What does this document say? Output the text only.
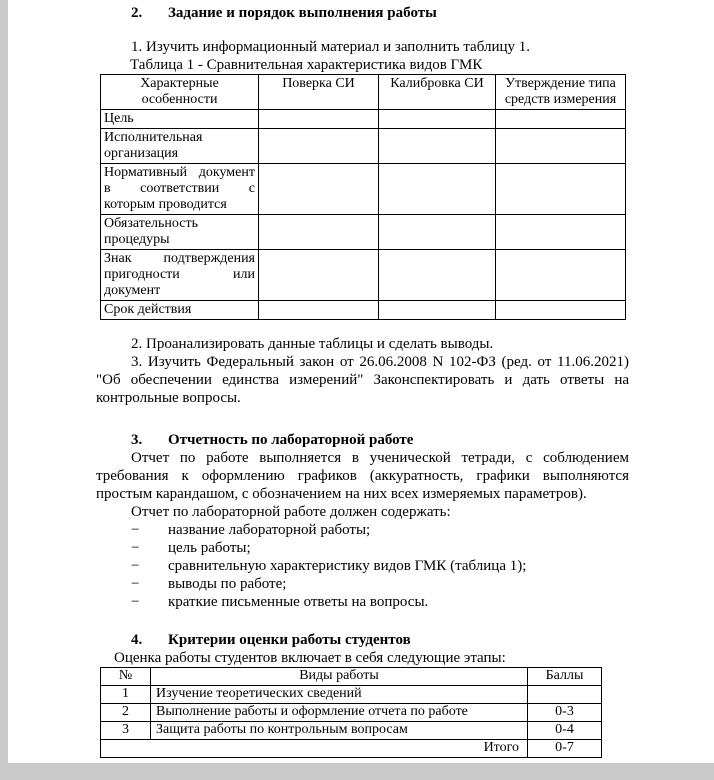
2. Задание и порядок выполнения работы
1. Изучить информационный материал и заполнить таблицу 1.
Таблица 1 - Сравнительная характеристика видов ГМК
Характерные особенности	Поверка СИ	Калибровка СИ	Утверждение типа средств измерения
Цель			
Исполнительная организация			
Нормативный документ в соответствии с которым проводится			
Обязательность процедуры			
Знак подтверждения пригодности или документ			
Срок действия			
2. Проанализировать данные таблицы и сделать выводы.
3. Изучить Федеральный закон от 26.06.2008 N 102-ФЗ (ред. от 11.06.2021) "Об обеспечении единства измерений" Законспектировать и дать ответы на контрольные вопросы.
3. Отчетность по лабораторной работе
Отчет по работе выполняется в ученической тетради, с соблюдением требования к оформлению графиков (аккуратность, графики выполняются простым карандашом, с обозначением на них всех измеряемых параметров).
Отчет по лабораторной работе должен содержать:
− название лабораторной работы;
− цель работы;
− сравнительную характеристику видов ГМК (таблица 1);
− выводы по работе;
− краткие письменные ответы на вопросы.
4. Критерии оценки работы студентов
Оценка работы студентов включает в себя следующие этапы:
№	Виды работы	Баллы
1	Изучение теоретических сведений	
2	Выполнение работы и оформление отчета по работе	0-3
3	Защита работы по контрольным вопросам	0-4
Итого		0-7
